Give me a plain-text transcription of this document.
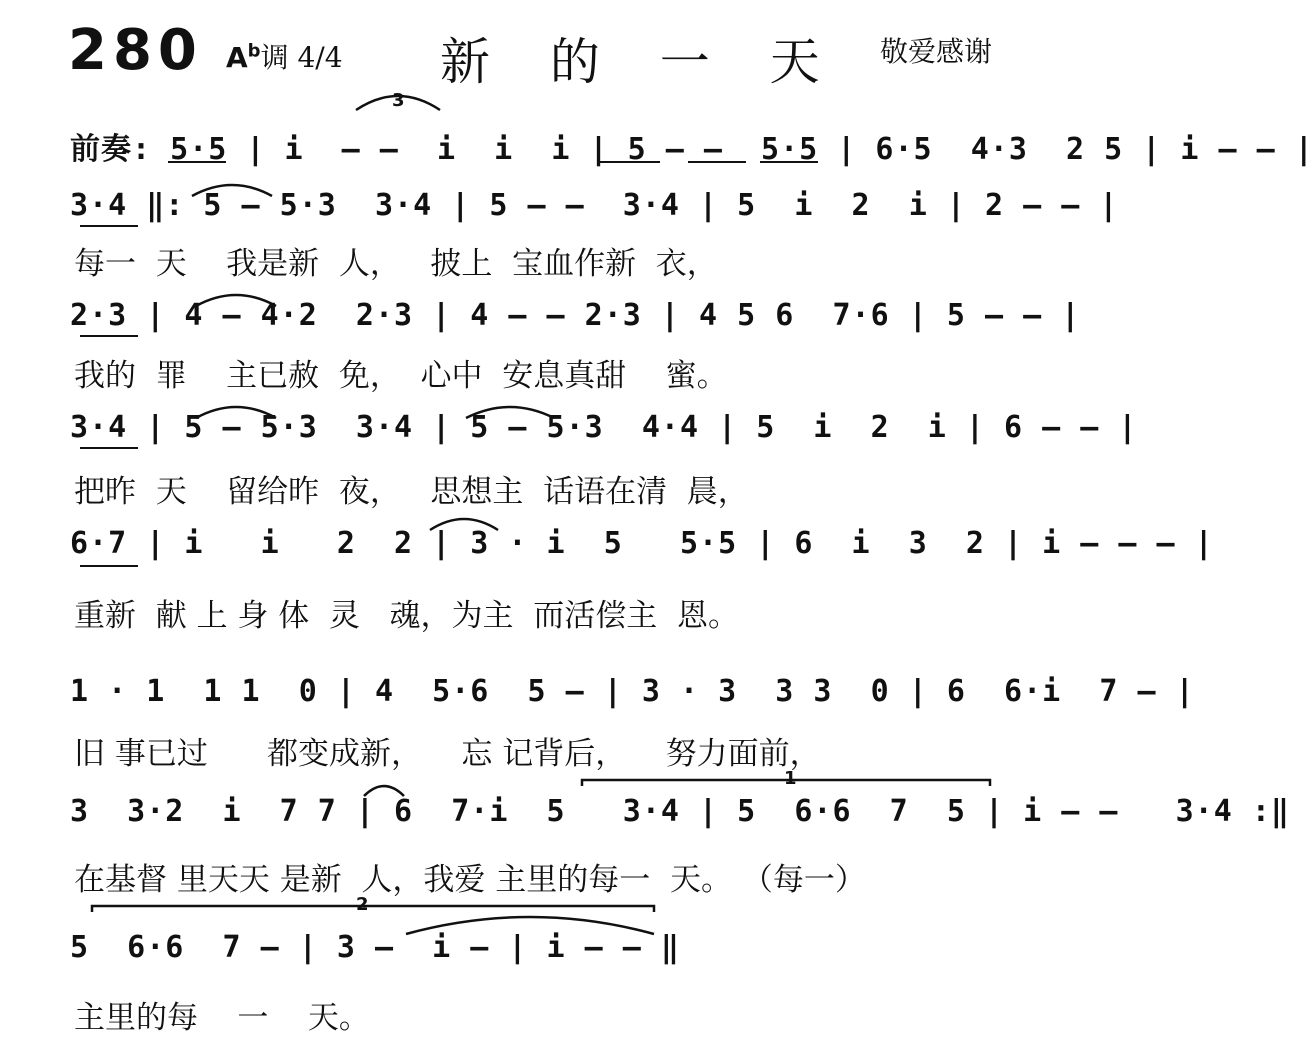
280 $A^b$调 4/4 新 的 一 天 敬爱感谢
前奏: 5·5 | i  – –  i  i  i | 5 – –  5·5 | 6·5  4·3  2 5 | i – – |
3·4 ‖: 5 – 5·3  3·4 | 5 – –  3·4 | 5  i  2  i | 2 – – |
每一  天    我是新  人，   披上  宝血作新  衣，
2·3 | 4 – 4·2  2·3 | 4 – – 2·3 | 4 5 6  7·6 | 5 – – |
我的  罪    主已赦  免，  心中  安息真甜    蜜。
3·4 | 5 – 5·3  3·4 | 5 – 5·3  4·4 | 5  i  2  i | 6 – – |
把昨  天    留给昨  夜，   思想主  话语在清  晨，
6·7 | i   i   2  2 | 3 · i  5   5·5 | 6  i  3  2 | i – – – |
重新  献 上 身 体  灵   魂，为主  而活偿主  恩。
1 · 1  1 1  0 | 4  5·6  5 – | 3 · 3  3 3  0 | 6  6·i  7 – |
旧 事已过      都变成新，    忘 记背后，    努力面前，
3  3·2  i  7 7 | 6  7·i  5   3·4 | 5  6·6  7  5 | i – –   3·4 :‖
在基督 里天天 是新  人，我爱 主里的每一  天。 （每一）
5  6·6  7 – | 3 –  i – | i – – ‖
主里的每    一    天。
3
1
2
